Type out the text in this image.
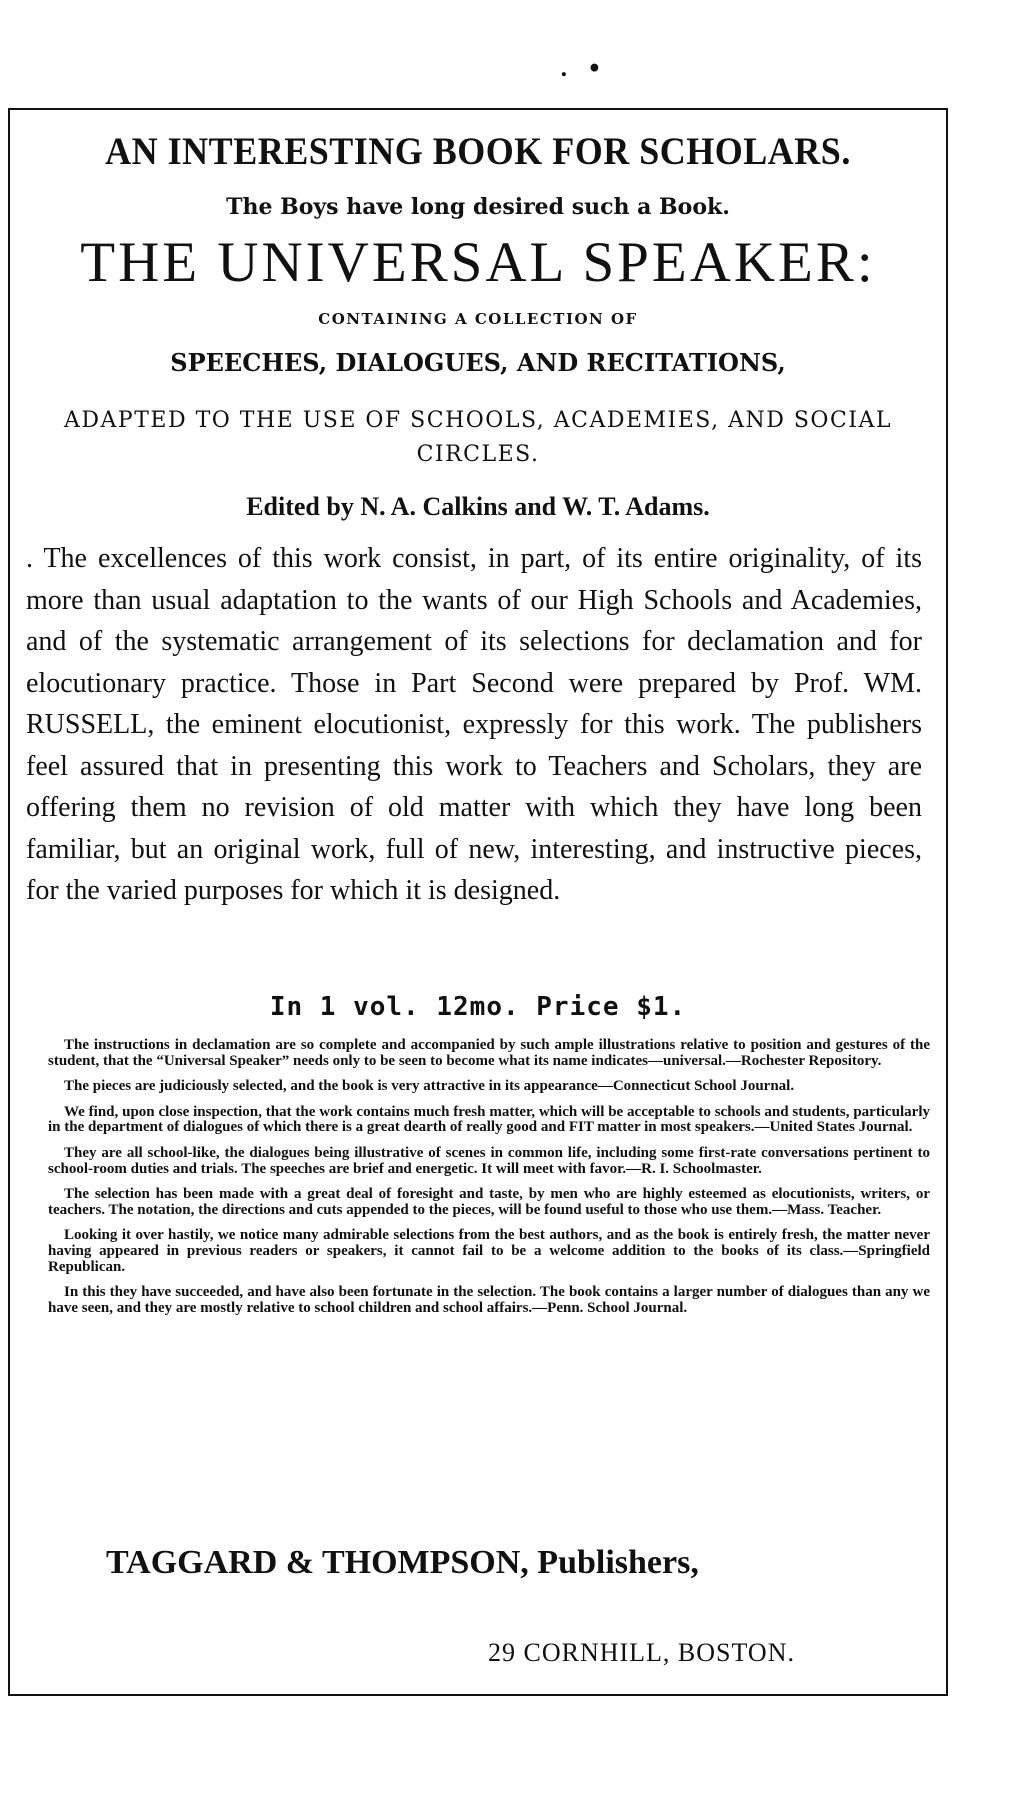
. •
AN INTERESTING BOOK FOR SCHOLARS.
The Boys have long desired such a Book.
THE UNIVERSAL SPEAKER:
CONTAINING A COLLECTION OF
SPEECHES, DIALOGUES, AND RECITATIONS,
ADAPTED TO THE USE OF SCHOOLS, ACADEMIES, AND SOCIAL CIRCLES.
Edited by N. A. Calkins and W. T. Adams.
. The excellences of this work consist, in part, of its entire originality, of its more than usual adaptation to the wants of our High Schools and Academies, and of the systematic arrangement of its selections for declamation and for elocutionary practice. Those in Part Second were prepared by Prof. WM. RUSSELL, the eminent elocutionist, expressly for this work. The publishers feel assured that in presenting this work to Teachers and Scholars, they are offering them no revision of old matter with which they have long been familiar, but an original work, full of new, interesting, and instructive pieces, for the varied purposes for which it is designed.
In 1 vol. 12mo. Price $1.

The instructions in declamation are so complete and accompanied by such ample illustrations relative to position and gestures of the student, that the “Universal Speaker” needs only to be seen to become what its name indicates—universal.—Rochester Repository.

The pieces are judiciously selected, and the book is very attractive in its appearance—Connecticut School Journal.

We find, upon close inspection, that the work contains much fresh matter, which will be acceptable to schools and students, particularly in the department of dialogues of which there is a great dearth of really good and FIT matter in most speakers.—United States Journal.

They are all school-like, the dialogues being illustrative of scenes in common life, including some first-rate conversations pertinent to school-room duties and trials. The speeches are brief and energetic. It will meet with favor.—R. I. Schoolmaster.

The selection has been made with a great deal of foresight and taste, by men who are highly esteemed as elocutionists, writers, or teachers. The notation, the directions and cuts appended to the pieces, will be found useful to those who use them.—Mass. Teacher.

Looking it over hastily, we notice many admirable selections from the best authors, and as the book is entirely fresh, the matter never having appeared in previous readers or speakers, it cannot fail to be a welcome addition to the books of its class.—Springfield Republican.

In this they have succeeded, and have also been fortunate in the selection. The book contains a larger number of dialogues than any we have seen, and they are mostly relative to school children and school affairs.—Penn. School Journal.

TAGGARD & THOMPSON, Publishers,
29 CORNHILL, BOSTON.
